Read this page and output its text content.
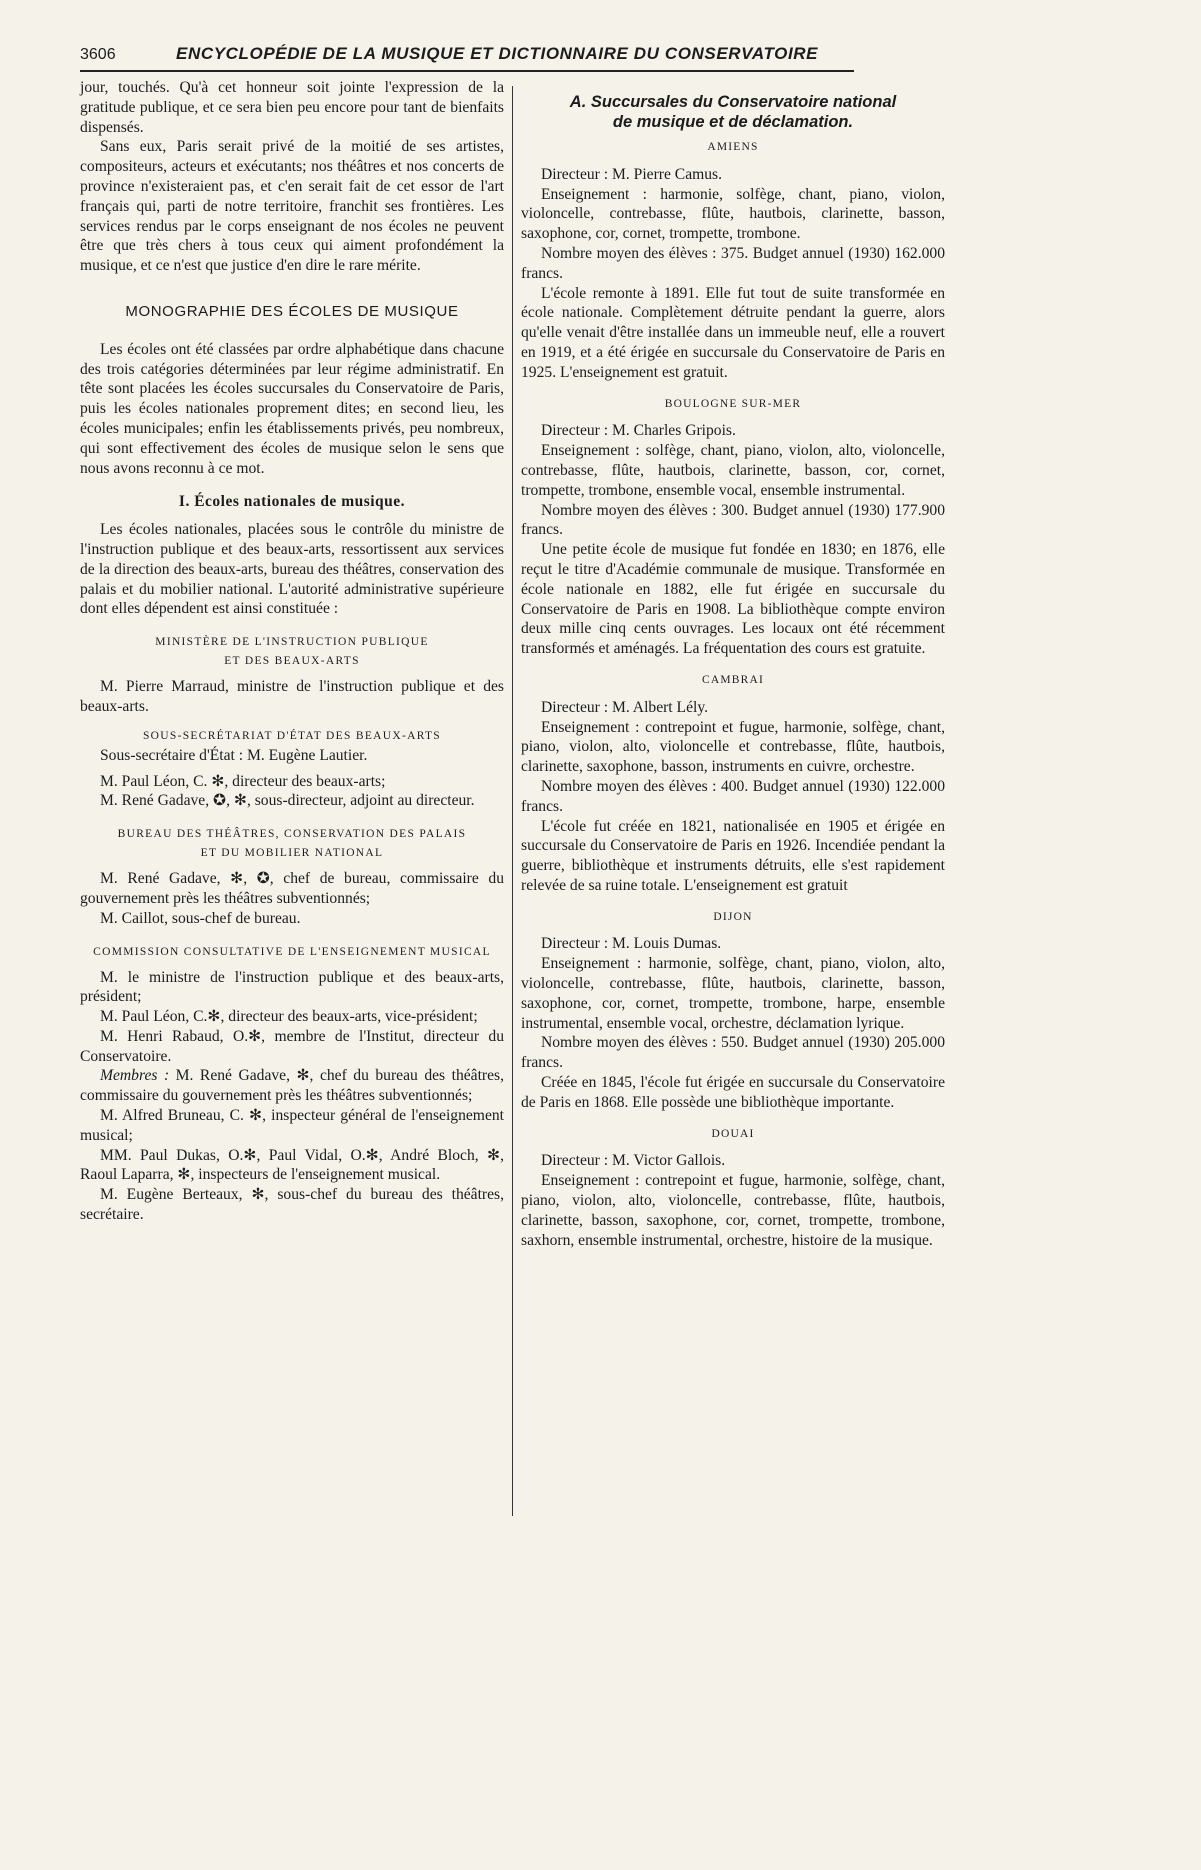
3606	ENCYCLOPÉDIE DE LA MUSIQUE ET DICTIONNAIRE DU CONSERVATOIRE

jour, touchés. Qu'à cet honneur soit jointe l'expression de la gratitude publique, et ce sera bien peu encore pour tant de bienfaits dispensés.

Sans eux, Paris serait privé de la moitié de ses artistes, compositeurs, acteurs et exécutants; nos théâtres et nos concerts de province n'existeraient pas, et c'en serait fait de cet essor de l'art français qui, parti de notre territoire, franchit ses frontières. Les services rendus par le corps enseignant de nos écoles ne peuvent être que très chers à tous ceux qui aiment profondément la musique, et ce n'est que justice d'en dire le rare mérite.

MONOGRAPHIE DES ÉCOLES DE MUSIQUE

Les écoles ont été classées par ordre alphabétique dans chacune des trois catégories déterminées par leur régime administratif. En tête sont placées les écoles succursales du Conservatoire de Paris, puis les écoles nationales proprement dites; en second lieu, les écoles municipales; enfin les établissements privés, peu nombreux, qui sont effectivement des écoles de musique selon le sens que nous avons reconnu à ce mot.

I. Écoles nationales de musique.

Les écoles nationales, placées sous le contrôle du ministre de l'instruction publique et des beaux-arts, ressortissent aux services de la direction des beaux-arts, bureau des théâtres, conservation des palais et du mobilier national. L'autorité administrative supérieure dont elles dépendent est ainsi constituée :

MINISTÈRE DE L'INSTRUCTION PUBLIQUE
ET DES BEAUX-ARTS

M. Pierre Marraud, ministre de l'instruction publique et des beaux-arts.

SOUS-SECRÉTARIAT D'ÉTAT DES BEAUX-ARTS

Sous-secrétaire d'État : M. Eugène Lautier.

M. Paul Léon, C. ✻, directeur des beaux-arts;

M. René Gadave, ✪, ✻, sous-directeur, adjoint au directeur.

BUREAU DES THÉÂTRES, CONSERVATION DES PALAIS
ET DU MOBILIER NATIONAL

M. René Gadave, ✻, ✪, chef de bureau, commissaire du gouvernement près les théâtres subventionnés;

M. Caillot, sous-chef de bureau.

COMMISSION CONSULTATIVE DE L'ENSEIGNEMENT MUSICAL

M. le ministre de l'instruction publique et des beaux-arts, président;

M. Paul Léon, C.✻, directeur des beaux-arts, vice-président;

M. Henri Rabaud, O.✻, membre de l'Institut, directeur du Conservatoire.

Membres : M. René Gadave, ✻, chef du bureau des théâtres, commissaire du gouvernement près les théâtres subventionnés;

M. Alfred Bruneau, C. ✻, inspecteur général de l'enseignement musical;

MM. Paul Dukas, O.✻, Paul Vidal, O.✻, André Bloch, ✻, Raoul Laparra, ✻, inspecteurs de l'enseignement musical.

M. Eugène Berteaux, ✻, sous-chef du bureau des théâtres, secrétaire.

A. Succursales du Conservatoire national
de musique et de déclamation.
AMIENS

Directeur : M. Pierre Camus.

Enseignement : harmonie, solfège, chant, piano, violon, violoncelle, contrebasse, flûte, hautbois, clarinette, basson, saxophone, cor, cornet, trompette, trombone.

Nombre moyen des élèves : 375. Budget annuel (1930) 162.000 francs.

L'école remonte à 1891. Elle fut tout de suite transformée en école nationale. Complètement détruite pendant la guerre, alors qu'elle venait d'être installée dans un immeuble neuf, elle a rouvert en 1919, et a été érigée en succursale du Conservatoire de Paris en 1925. L'enseignement est gratuit.

BOULOGNE SUR-MER

Directeur : M. Charles Gripois.

Enseignement : solfège, chant, piano, violon, alto, violoncelle, contrebasse, flûte, hautbois, clarinette, basson, cor, cornet, trompette, trombone, ensemble vocal, ensemble instrumental.

Nombre moyen des élèves : 300. Budget annuel (1930) 177.900 francs.

Une petite école de musique fut fondée en 1830; en 1876, elle reçut le titre d'Académie communale de musique. Transformée en école nationale en 1882, elle fut érigée en succursale du Conservatoire de Paris en 1908. La bibliothèque compte environ deux mille cinq cents ouvrages. Les locaux ont été récemment transformés et aménagés. La fréquentation des cours est gratuite.

CAMBRAI

Directeur : M. Albert Lély.

Enseignement : contrepoint et fugue, harmonie, solfège, chant, piano, violon, alto, violoncelle et contrebasse, flûte, hautbois, clarinette, saxophone, basson, instruments en cuivre, orchestre.

Nombre moyen des élèves : 400. Budget annuel (1930) 122.000 francs.

L'école fut créée en 1821, nationalisée en 1905 et érigée en succursale du Conservatoire de Paris en 1926. Incendiée pendant la guerre, bibliothèque et instruments détruits, elle s'est rapidement relevée de sa ruine totale. L'enseignement est gratuit

DIJON

Directeur : M. Louis Dumas.

Enseignement : harmonie, solfège, chant, piano, violon, alto, violoncelle, contrebasse, flûte, hautbois, clarinette, basson, saxophone, cor, cornet, trompette, trombone, harpe, ensemble instrumental, ensemble vocal, orchestre, déclamation lyrique.

Nombre moyen des élèves : 550. Budget annuel (1930) 205.000 francs.

Créée en 1845, l'école fut érigée en succursale du Conservatoire de Paris en 1868. Elle possède une bibliothèque importante.

DOUAI

Directeur : M. Victor Gallois.

Enseignement : contrepoint et fugue, harmonie, solfège, chant, piano, violon, alto, violoncelle, contrebasse, flûte, hautbois, clarinette, basson, saxophone, cor, cornet, trompette, trombone, saxhorn, ensemble instrumental, orchestre, histoire de la musique.
